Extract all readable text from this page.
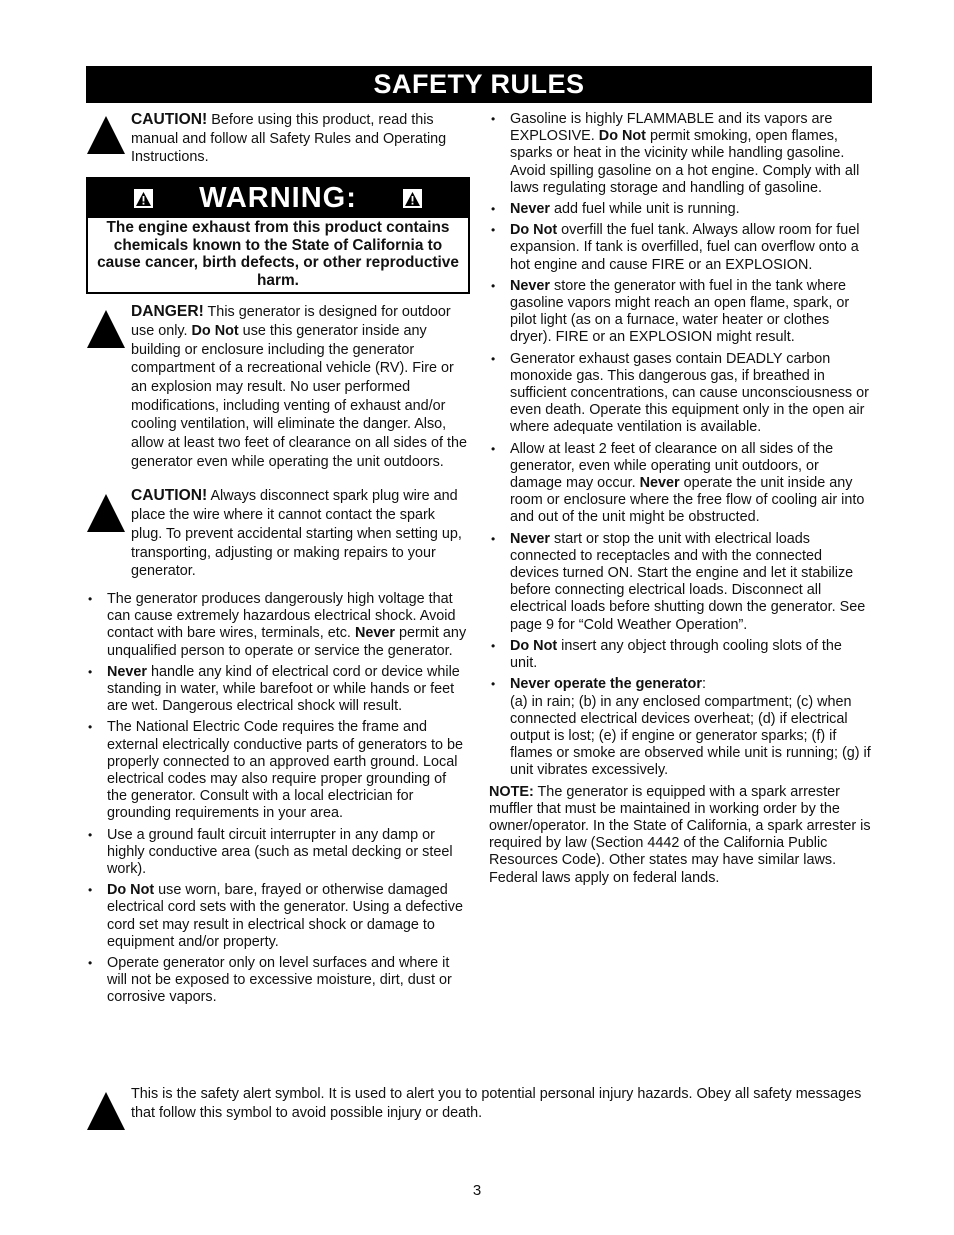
SAFETY RULES
CAUTION! Before using this product, read this manual and follow all Safety Rules and Operating Instructions.
WARNING:
The engine exhaust from this product contains chemicals known to the State of California to cause cancer, birth defects, or other reproductive harm.
DANGER! This generator is designed for outdoor use only. Do Not use this generator inside any building or enclosure including the generator compartment of a recreational vehicle (RV). Fire or an explosion may result. No user performed modifications, including venting of exhaust and/or cooling ventilation, will eliminate the danger. Also, allow at least two feet of clearance on all sides of the generator even while operating the unit outdoors.
CAUTION! Always disconnect spark plug wire and place the wire where it cannot contact the spark plug. To prevent accidental starting when setting up, transporting, adjusting or making repairs to your generator.
• The generator produces dangerously high voltage that can cause extremely hazardous electrical shock. Avoid contact with bare wires, terminals, etc. Never permit any unqualified person to operate or service the generator.
• Never handle any kind of electrical cord or device while standing in water, while barefoot or while hands or feet are wet. Dangerous electrical shock will result.
• The National Electric Code requires the frame and external electrically conductive parts of generators to be properly connected to an approved earth ground. Local electrical codes may also require proper grounding of the generator. Consult with a local electrician for grounding requirements in your area.
• Use a ground fault circuit interrupter in any damp or highly conductive area (such as metal decking or steel work).
• Do Not use worn, bare, frayed or otherwise damaged electrical cord sets with the generator. Using a defective cord set may result in electrical shock or damage to equipment and/or property.
• Operate generator only on level surfaces and where it will not be exposed to excessive moisture, dirt, dust or corrosive vapors.
• Gasoline is highly FLAMMABLE and its vapors are EXPLOSIVE. Do Not permit smoking, open flames, sparks or heat in the vicinity while handling gasoline. Avoid spilling gasoline on a hot engine. Comply with all laws regulating storage and handling of gasoline.
• Never add fuel while unit is running.
• Do Not overfill the fuel tank. Always allow room for fuel expansion. If tank is overfilled, fuel can overflow onto a hot engine and cause FIRE or an EXPLOSION.
• Never store the generator with fuel in the tank where gasoline vapors might reach an open flame, spark, or pilot light (as on a furnace, water heater or clothes dryer). FIRE or an EXPLOSION might result.
• Generator exhaust gases contain DEADLY carbon monoxide gas. This dangerous gas, if breathed in sufficient concentrations, can cause unconsciousness or even death. Operate this equipment only in the open air where adequate ventilation is available.
• Allow at least 2 feet of clearance on all sides of the generator, even while operating unit outdoors, or damage may occur. Never operate the unit inside any room or enclosure where the free flow of cooling air into and out of the unit might be obstructed.
• Never start or stop the unit with electrical loads connected to receptacles and with the connected devices turned ON. Start the engine and let it stabilize before connecting electrical loads. Disconnect all electrical loads before shutting down the generator. See page 9 for “Cold Weather Operation”.
• Do Not insert any object through cooling slots of the unit.
• Never operate the generator:
(a) in rain; (b) in any enclosed compartment; (c) when connected electrical devices overheat; (d) if electrical output is lost; (e) if engine or generator sparks; (f) if flames or smoke are observed while unit is running; (g) if unit vibrates excessively.
NOTE: The generator is equipped with a spark arrester muffler that must be maintained in working order by the owner/operator. In the State of California, a spark arrester is required by law (Section 4442 of the California Public Resources Code). Other states may have similar laws. Federal laws apply on federal lands.
This is the safety alert symbol. It is used to alert you to potential personal injury hazards. Obey all safety messages that follow this symbol to avoid possible injury or death.
3
